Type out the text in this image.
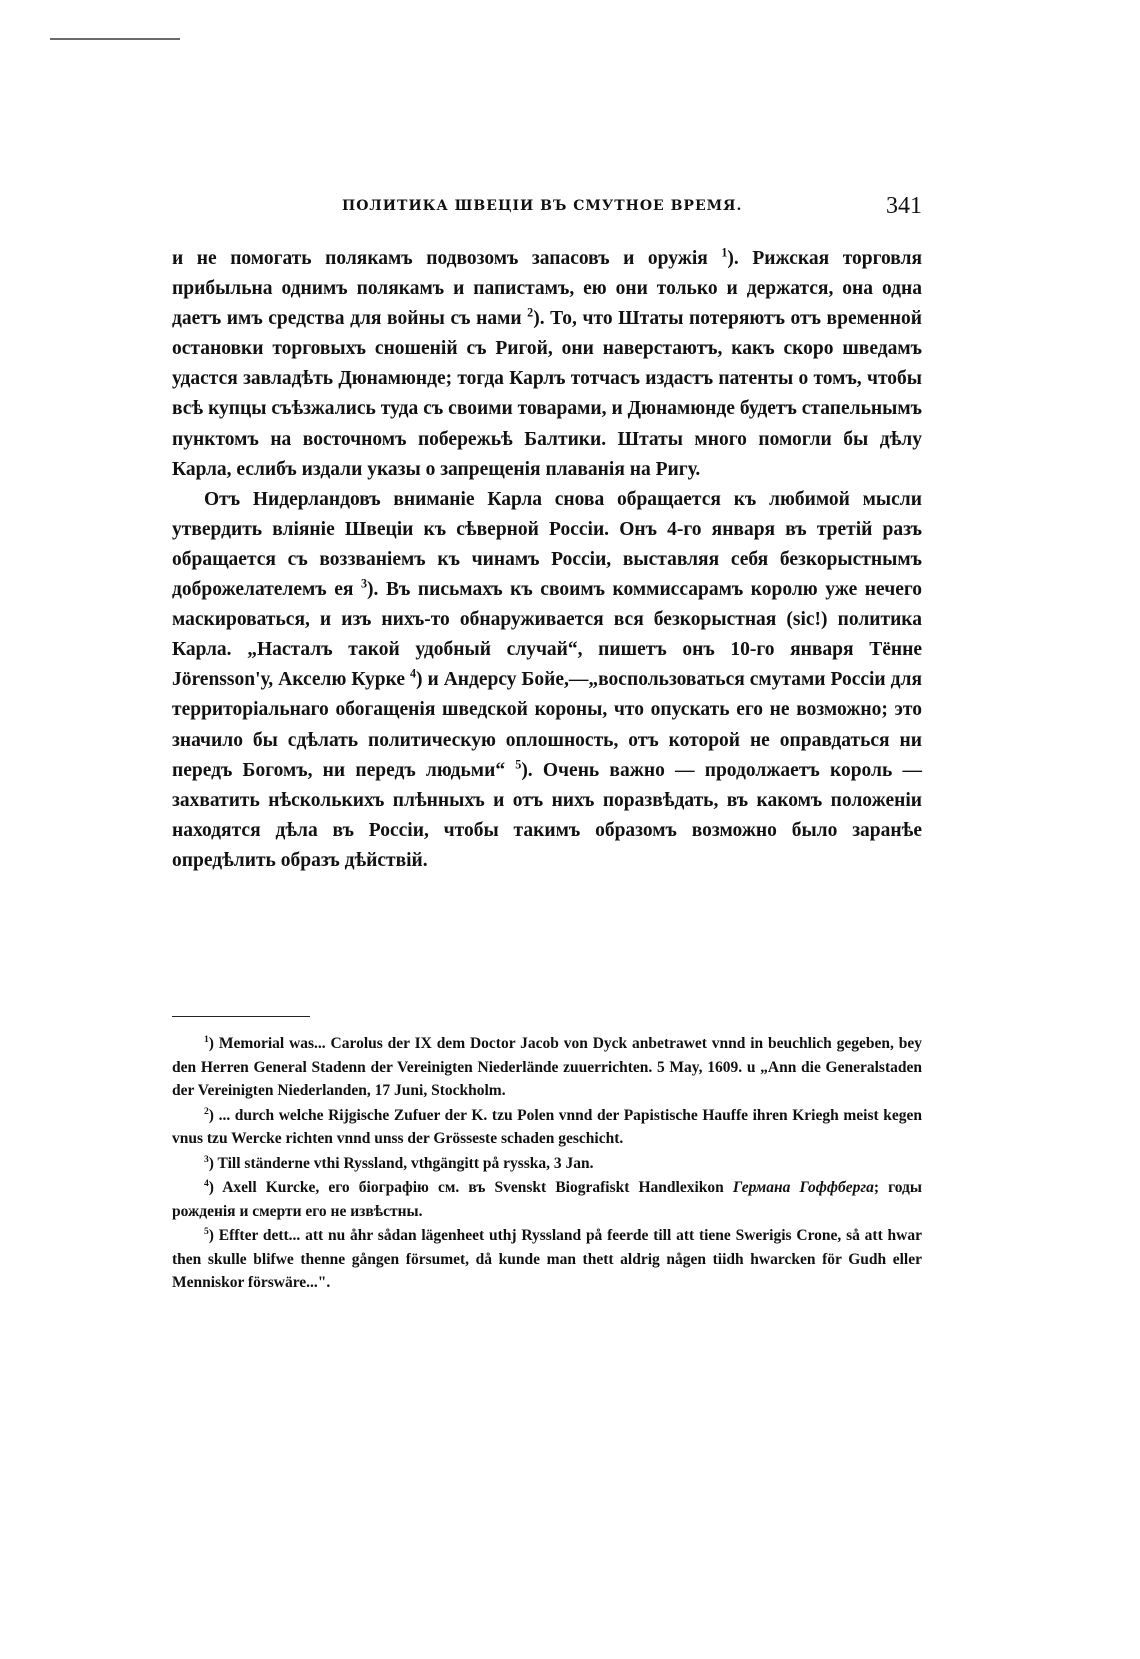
ПОЛИТИКА ШВЕЦІИ ВЪ СМУТНОЕ ВРЕМЯ.	341

и не помогать полякамъ подвозомъ запасовъ и оружія $^1$). Рижская торговля прибыльна однимъ полякамъ и папистамъ, ею они только и держатся, она одна даетъ имъ средства для войны съ нами $^2$). То, что Штаты потеряютъ отъ временной остановки торговыхъ сношеній съ Ригой, они наверстаютъ, какъ скоро шведамъ удастся завладѣть Дюнамюнде; тогда Карлъ тотчасъ издастъ патенты о томъ, чтобы всѣ купцы съѣзжались туда съ своими товарами, и Дюнамюнде будетъ стапельнымъ пунктомъ на восточномъ побережьѣ Балтики. Штаты много помогли бы дѣлу Карла, еслибъ издали указы о запрещенія плаванія на Ригу.

Отъ Нидерландовъ вниманіе Карла снова обращается къ любимой мысли утвердить вліяніе Швеціи къ сѣверной Россіи. Онъ 4-го января въ третій разъ обращается съ воззваніемъ къ чинамъ Россіи, выставляя себя безкорыстнымъ доброжелателемъ ея $^3$). Въ письмахъ къ своимъ коммиссарамъ королю уже нечего маскироваться, и изъ нихъ-то обнаруживается вся безкорыстная (sic!) политика Карла. „Насталъ такой удобный случай“, пишетъ онъ 10-го января Тённе Jörensson'у, Акселю Курке $^4$) и Андерсу Бойе,—„воспользоваться смутами Россіи для территоріальнаго обогащенія шведской короны, что опускать его не возможно; это значило бы сдѣлать политическую оплошность, отъ которой не оправдаться ни передъ Богомъ, ни передъ людьми“ $^5$). Очень важно — продолжаетъ король — захватить нѣсколькихъ плѣнныхъ и отъ нихъ поразвѣдать, въ какомъ положеніи находятся дѣла въ Россіи, чтобы такимъ образомъ возможно было заранѣе опредѣлить образъ дѣйствій.

$^1$) Memorial was... Carolus der IX dem Doctor Jacob von Dyck anbetrawet vnnd in beuchlich gegeben, bey den Herren General Stadenn der Vereinigten Niederlände zuuerrichten. 5 May, 1609. u „Ann die Generalstaden der Vereinigten Niederlanden, 17 Juni, Stockholm.

$^2$) ... durch welche Rijgische Zufuer der K. tzu Polen vnnd der Papistische Hauffe ihren Kriegh meist kegen vnus tzu Wercke richten vnnd unss der Grösseste schaden geschicht.

$^3$) Till ständerne vthi Ryssland, vthgängitt på rysska, 3 Jan.

$^4$) Axell Kurcke, его біографію см. въ Svenskt Biografiskt Handlexikon Германа Гоффберга; годы рожденія и смерти его не извѣстны.

$^5$) Effter dett... att nu åhr sådan lägenheet uthj Ryssland på feerde till att tiene Swerigis Crone, så att hwar then skulle blifwe thenne gången försumet, då kunde man thett aldrig någen tiidh hwarcken för Gudh eller Menniskor förswäre...".
